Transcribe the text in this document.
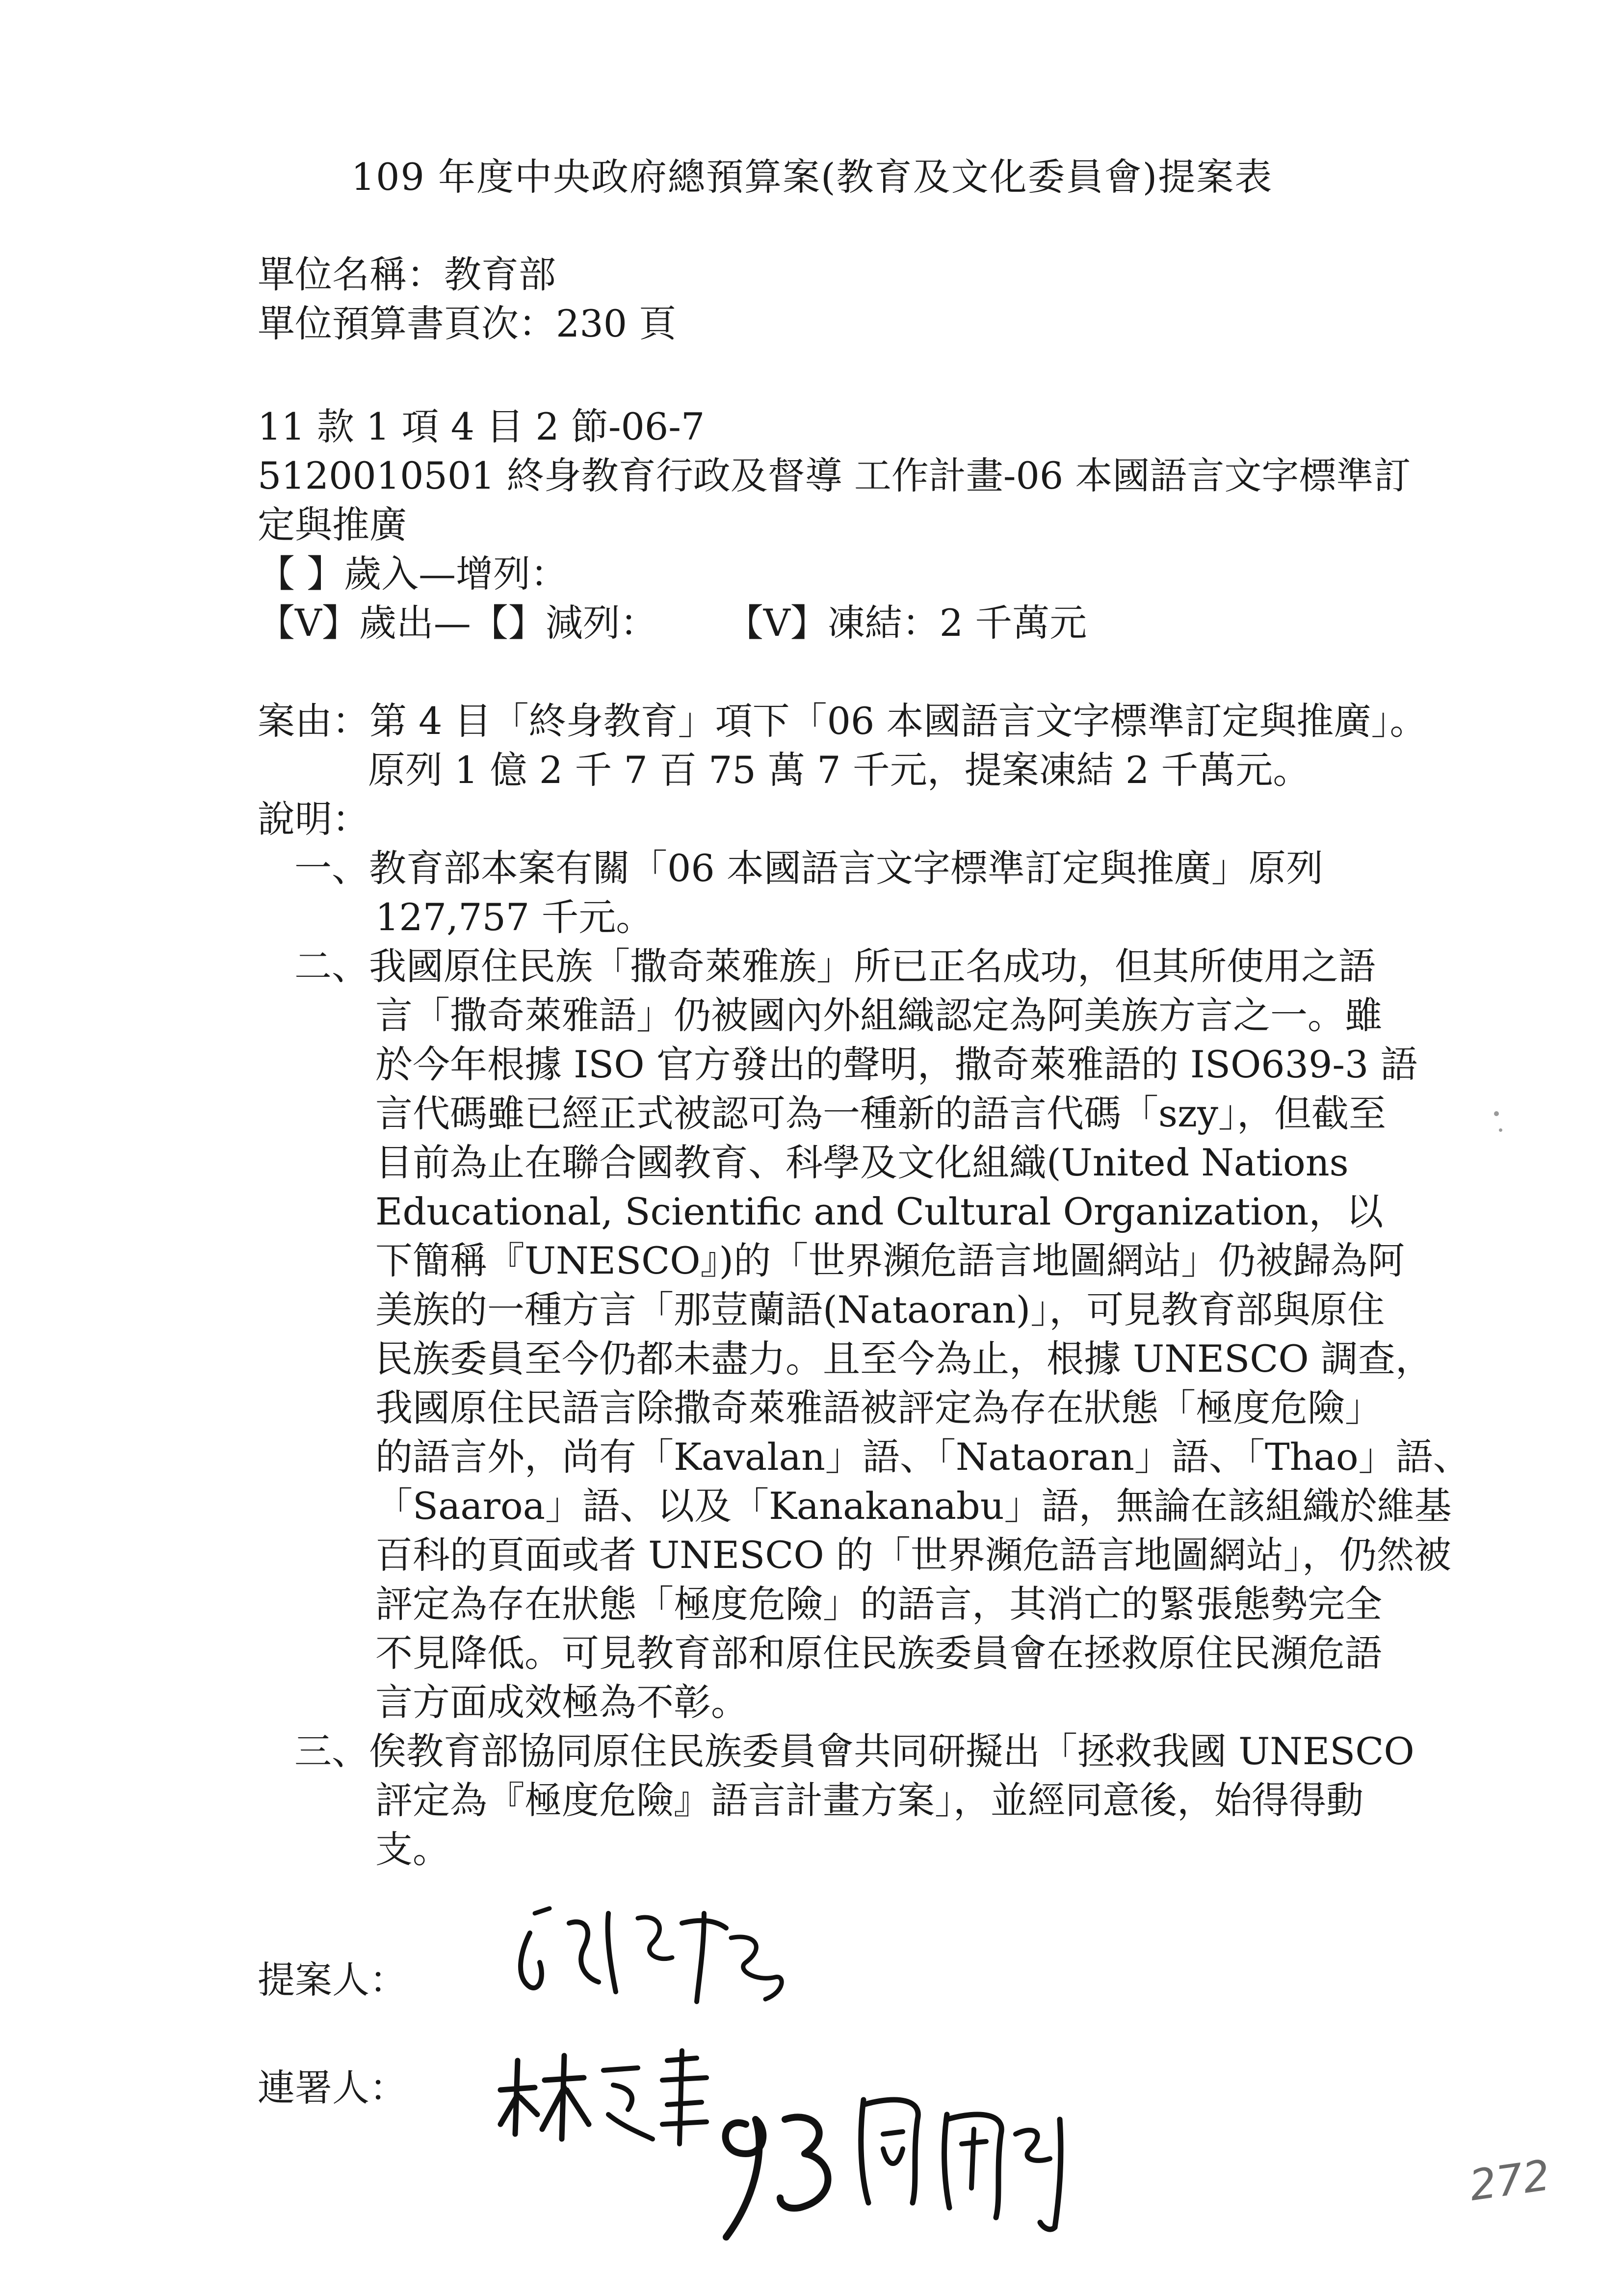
109 年度中央政府總預算案(教育及文化委員會)提案表
單位名稱：教育部
單位預算書頁次：230 頁
11 款 1 項 4 目 2 節-06-7
5120010501 終身教育行政及督導 工作計畫-06 本國語言文字標準訂
定與推廣
【 】歲入—增列：
【V】歲出—【】減列： 【V】凍結：2 千萬元
案由：第 4 目「終身教育」項下「06 本國語言文字標準訂定與推廣」。
原列 1 億 2 千 7 百 75 萬 7 千元，提案凍結 2 千萬元。
說明：
一、教育部本案有關「06 本國語言文字標準訂定與推廣」原列
127,757 千元。
二、我國原住民族「撒奇萊雅族」所已正名成功，但其所使用之語
言「撒奇萊雅語」仍被國內外組織認定為阿美族方言之一。雖
於今年根據 ISO 官方發出的聲明，撒奇萊雅語的 ISO639-3 語
言代碼雖已經正式被認可為一種新的語言代碼「szy」，但截至
目前為止在聯合國教育、科學及文化組織(United Nations
Educational, Scientific and Cultural Organization，以
下簡稱『UNESCO』)的「世界瀕危語言地圖網站」仍被歸為阿
美族的一種方言「那荳蘭語(Nataoran)」，可見教育部與原住
民族委員至今仍都未盡力。且至今為止，根據 UNESCO 調查，
我國原住民語言除撒奇萊雅語被評定為存在狀態「極度危險」
的語言外，尚有「Kavalan」語、「Nataoran」語、「Thao」語、
「Saaroa」語、以及「Kanakanabu」語，無論在該組織於維基
百科的頁面或者 UNESCO 的「世界瀕危語言地圖網站」，仍然被
評定為存在狀態「極度危險」的語言，其消亡的緊張態勢完全
不見降低。可見教育部和原住民族委員會在拯救原住民瀕危語
言方面成效極為不彰。
三、俟教育部協同原住民族委員會共同研擬出「拯救我國 UNESCO
評定為『極度危險』語言計畫方案」，並經同意後，始得得動
支。
提案人：
連署人：
272
